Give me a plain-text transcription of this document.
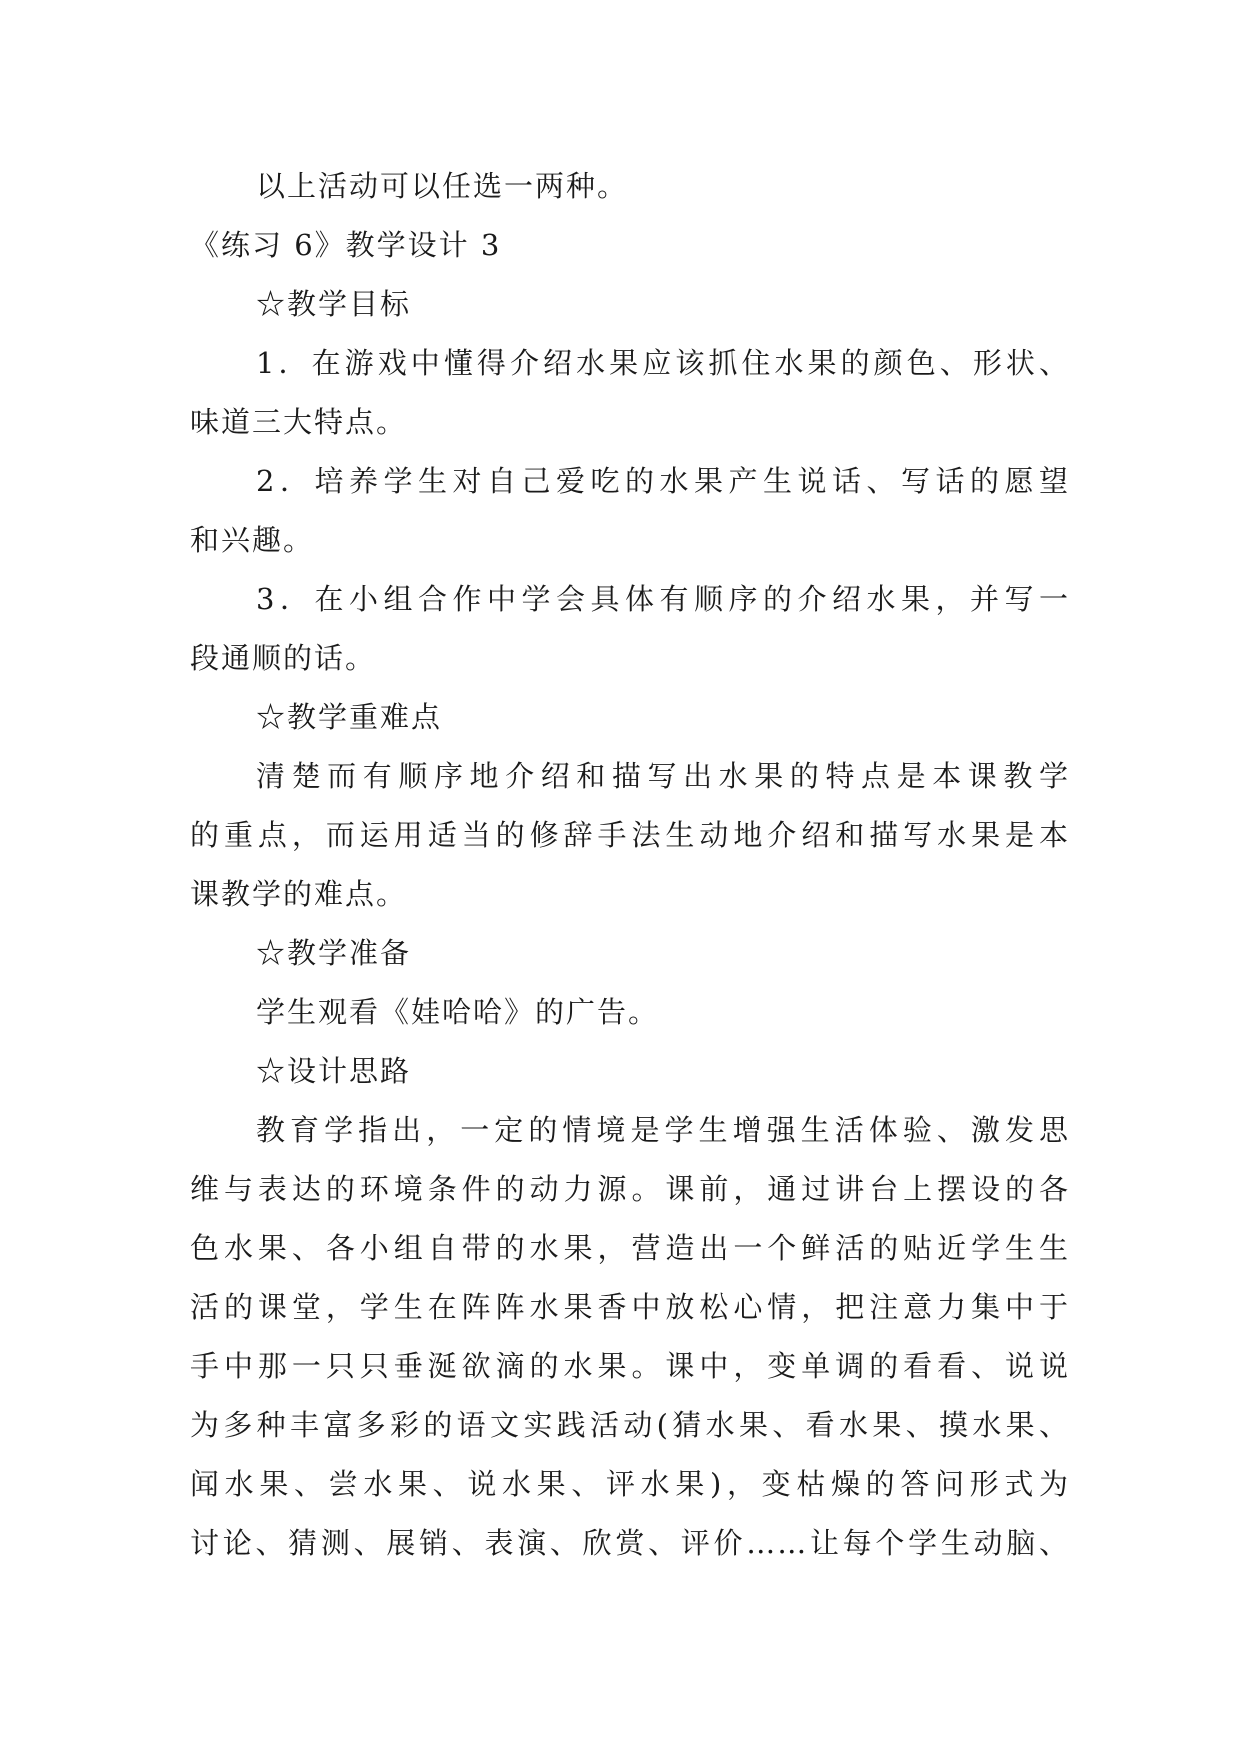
以上活动可以任选一两种。
《练习 6》教学设计 3
☆教学目标
1．在游戏中懂得介绍水果应该抓住水果的颜色、形状、
味道三大特点。
2．培养学生对自己爱吃的水果产生说话、写话的愿望
和兴趣。
3．在小组合作中学会具体有顺序的介绍水果，并写一
段通顺的话。
☆教学重难点
清楚而有顺序地介绍和描写出水果的特点是本课教学
的重点，而运用适当的修辞手法生动地介绍和描写水果是本
课教学的难点。
☆教学准备
学生观看《娃哈哈》的广告。
☆设计思路
教育学指出，一定的情境是学生增强生活体验、激发思
维与表达的环境条件的动力源。课前，通过讲台上摆设的各
色水果、各小组自带的水果，营造出一个鲜活的贴近学生生
活的课堂，学生在阵阵水果香中放松心情，把注意力集中于
手中那一只只垂涎欲滴的水果。课中，变单调的看看、说说
为多种丰富多彩的语文实践活动(猜水果、看水果、摸水果、
闻水果、尝水果、说水果、评水果)，变枯燥的答问形式为
讨论、猜测、展销、表演、欣赏、评价……让每个学生动脑、
